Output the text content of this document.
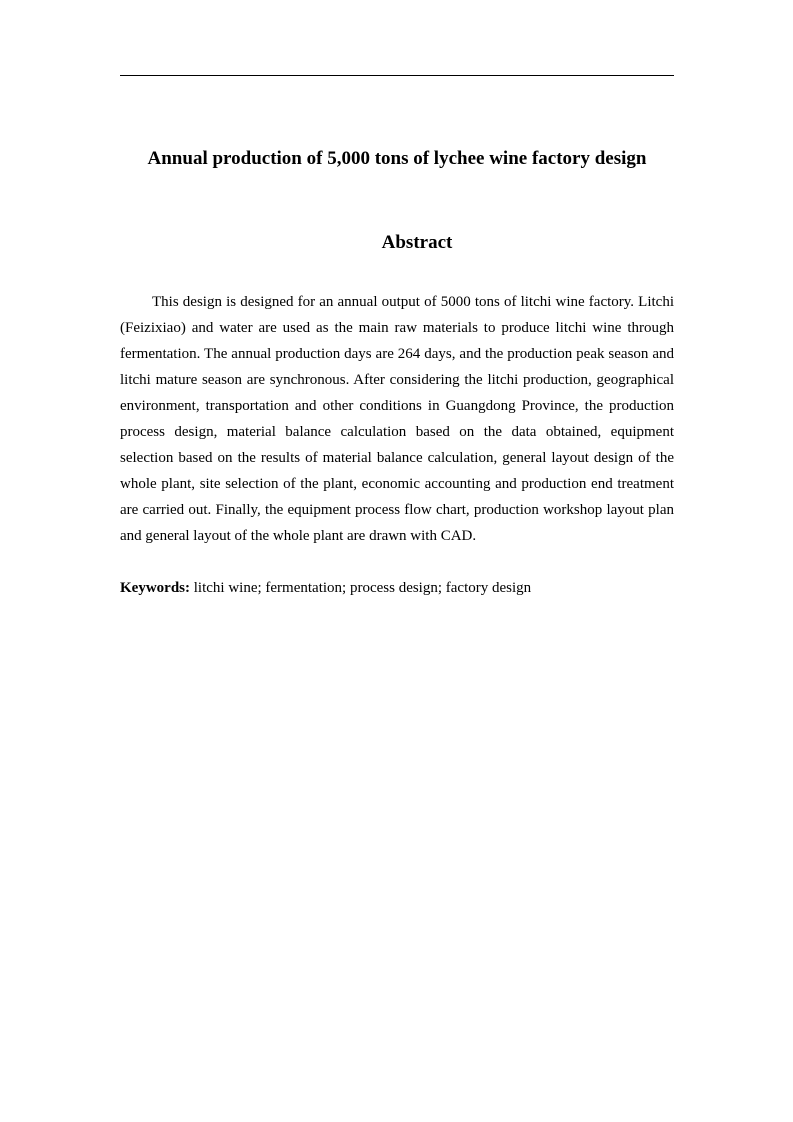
Annual production of 5,000 tons of lychee wine factory design
Abstract

This design is designed for an annual output of 5000 tons of litchi wine factory. Litchi (Feizixiao) and water are used as the main raw materials to produce litchi wine through fermentation. The annual production days are 264 days, and the production peak season and litchi mature season are synchronous. After considering the litchi production, geographical environment, transportation and other conditions in Guangdong Province, the production process design, material balance calculation based on the data obtained, equipment selection based on the results of material balance calculation, general layout design of the whole plant, site selection of the plant, economic accounting and production end treatment are carried out. Finally, the equipment process flow chart, production workshop layout plan and general layout of the whole plant are drawn with CAD.

Keywords: litchi wine; fermentation; process design; factory design
